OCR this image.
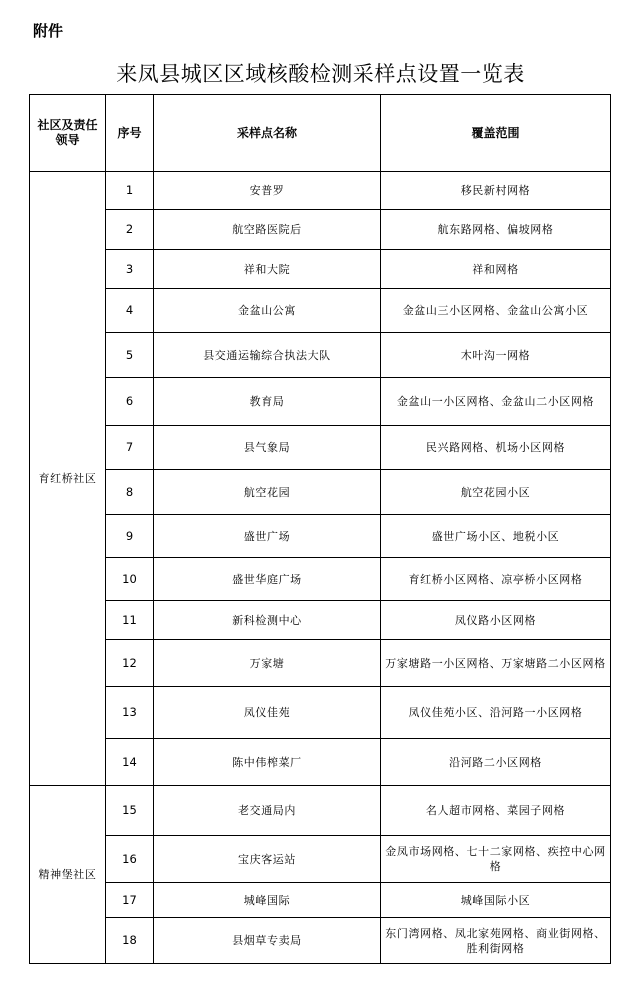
附件
来凤县城区区域核酸检测采样点设置一览表
社区及责任领导	序号	采样点名称	覆盖范围
育红桥社区	1	安普罗	移民新村网格
	2	航空路医院后	航东路网格、偏坡网格
	3	祥和大院	祥和网格
	4	金盆山公寓	金盆山三小区网格、金盆山公寓小区
	5	县交通运输综合执法大队	木叶沟一网格
	6	教育局	金盆山一小区网格、金盆山二小区网格
	7	县气象局	民兴路网格、机场小区网格
	8	航空花园	航空花园小区
	9	盛世广场	盛世广场小区、地税小区
	10	盛世华庭广场	育红桥小区网格、凉亭桥小区网格
	11	新科检测中心	凤仪路小区网格
	12	万家塘	万家塘路一小区网格、万家塘路二小区网格
	13	凤仪佳苑	凤仪佳苑小区、沿河路一小区网格
	14	陈中伟榨菜厂	沿河路二小区网格
精神堡社区	15	老交通局内	名人超市网格、菜园子网格
	16	宝庆客运站	金凤市场网格、七十二家网格、疾控中心网格
	17	城峰国际	城峰国际小区
	18	县烟草专卖局	东门湾网格、凤北家苑网格、商业街网格、胜利街网格
